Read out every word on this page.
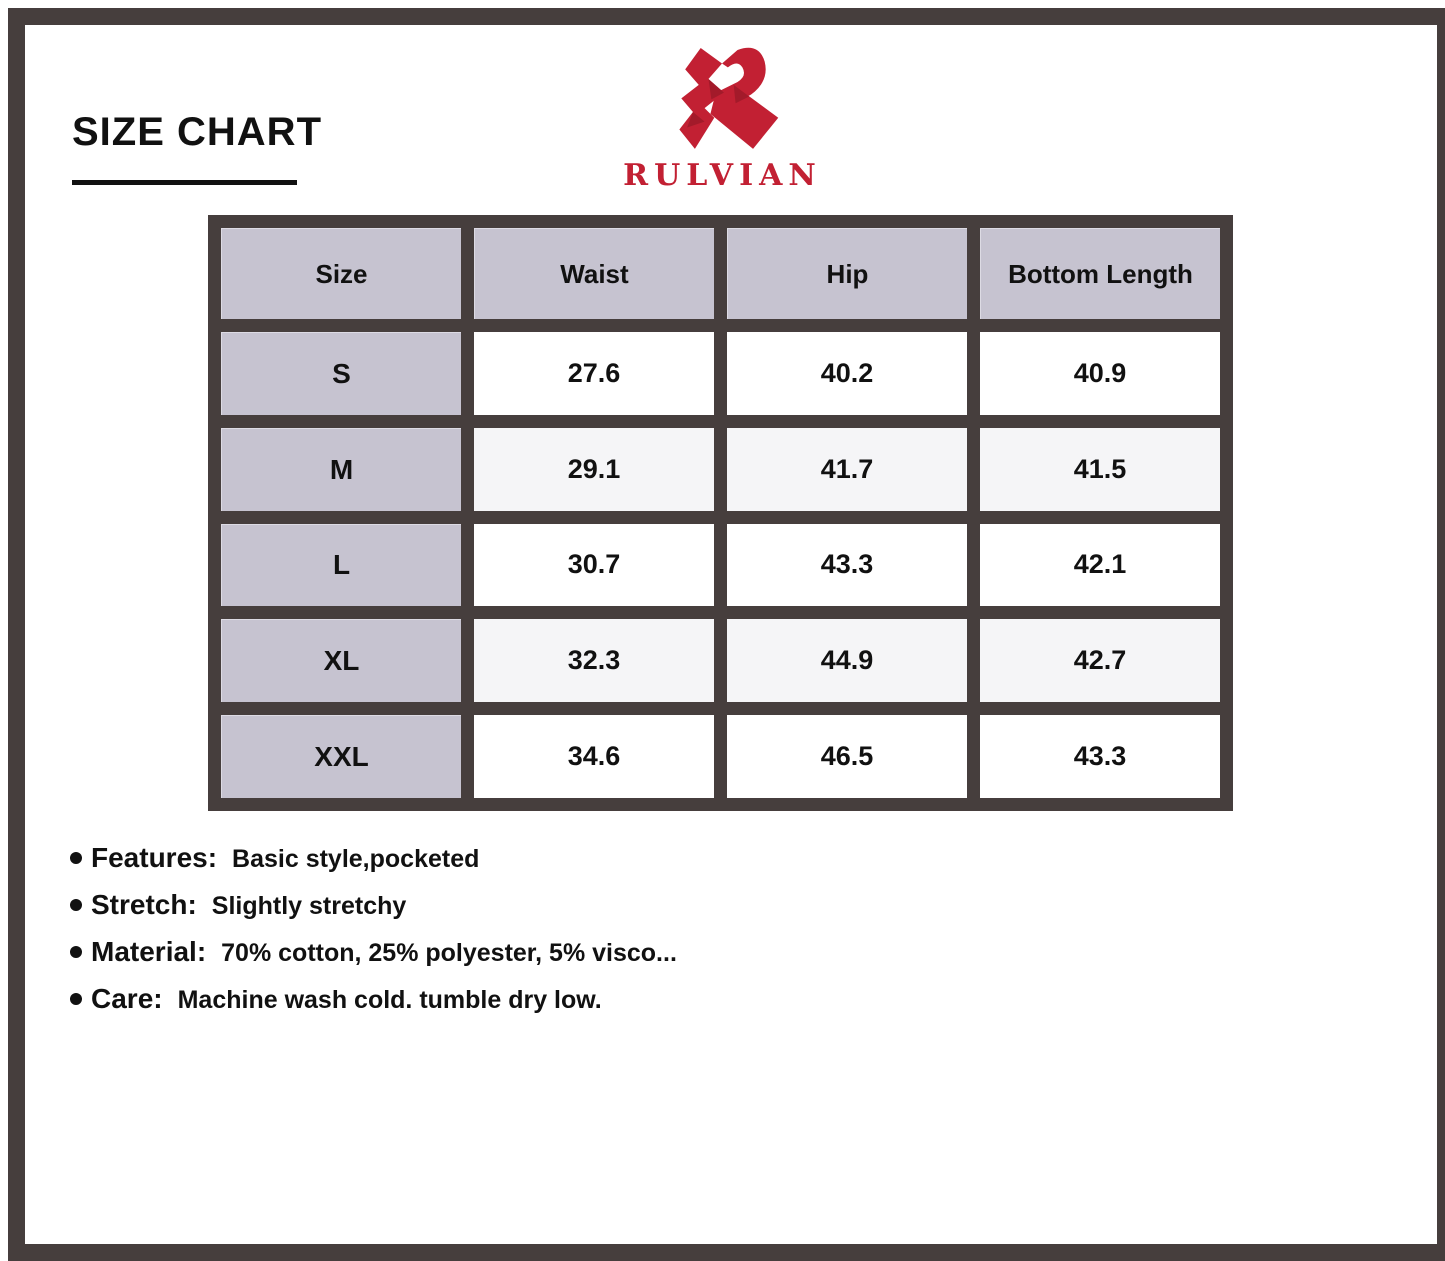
SIZE CHART
RULVIAN
Size	Waist	Hip	Bottom Length
S	27.6	40.2	40.9
M	29.1	41.7	41.5
L	30.7	43.3	42.1
XL	32.3	44.9	42.7
XXL	34.6	46.5	43.3
Features: Basic style,pocketed
Stretch: Slightly stretchy
Material: 70% cotton, 25% polyester, 5% visco...
Care: Machine wash cold. tumble dry low.
